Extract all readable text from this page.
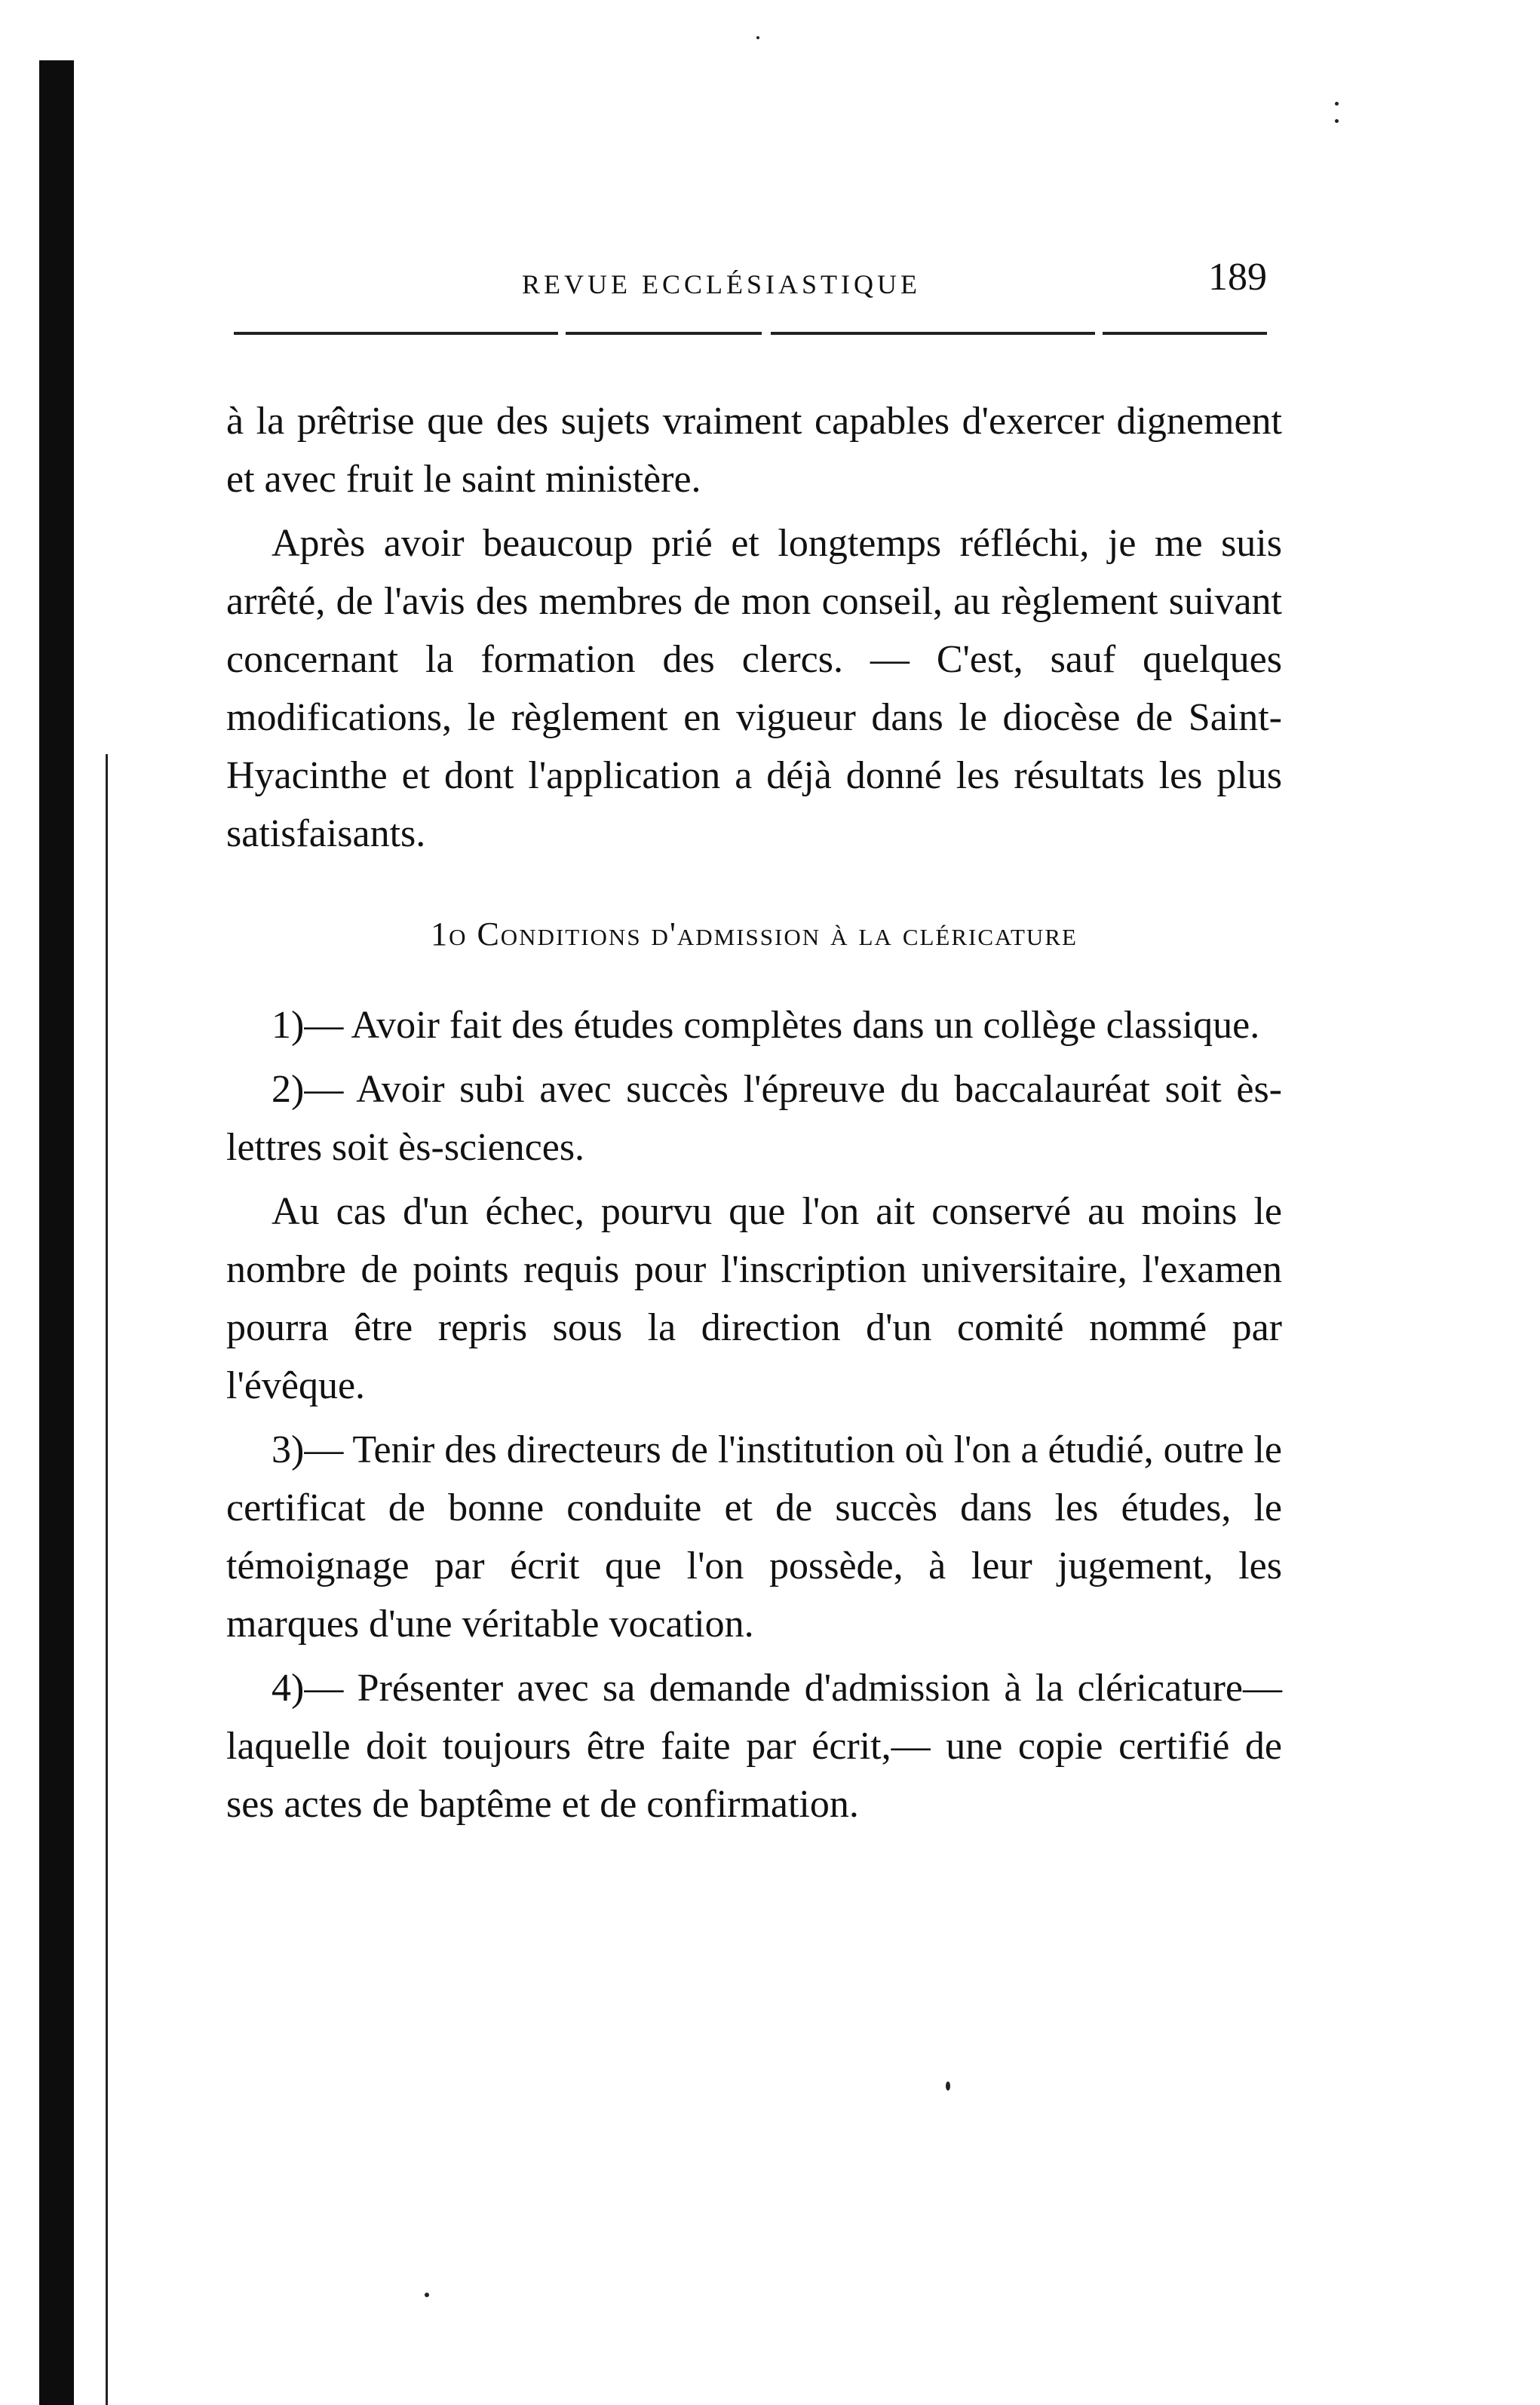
REVUE ECCLÉSIASTIQUE	189

à la prêtrise que des sujets vraiment capables d'exercer dignement et avec fruit le saint ministère.

Après avoir beaucoup prié et longtemps réfléchi, je me suis arrêté, de l'avis des membres de mon conseil, au règlement suivant concernant la formation des clercs. — C'est, sauf quelques modifications, le règlement en vigueur dans le diocèse de Saint-Hyacinthe et dont l'application a déjà donné les résultats les plus satisfaisants.

1o Conditions d'admission à la cléricature

1)— Avoir fait des études complètes dans un collège classique.

2)— Avoir subi avec succès l'épreuve du baccalauréat soit ès-lettres soit ès-sciences.

Au cas d'un échec, pourvu que l'on ait conservé au moins le nombre de points requis pour l'inscription universitaire, l'examen pourra être repris sous la direction d'un comité nommé par l'évêque.

3)— Tenir des directeurs de l'institution où l'on a étudié, outre le certificat de bonne conduite et de succès dans les études, le témoignage par écrit que l'on possède, à leur jugement, les marques d'une véritable vocation.

4)— Présenter avec sa demande d'admission à la cléricature—laquelle doit toujours être faite par écrit,— une copie certifié de ses actes de baptême et de confirmation.
